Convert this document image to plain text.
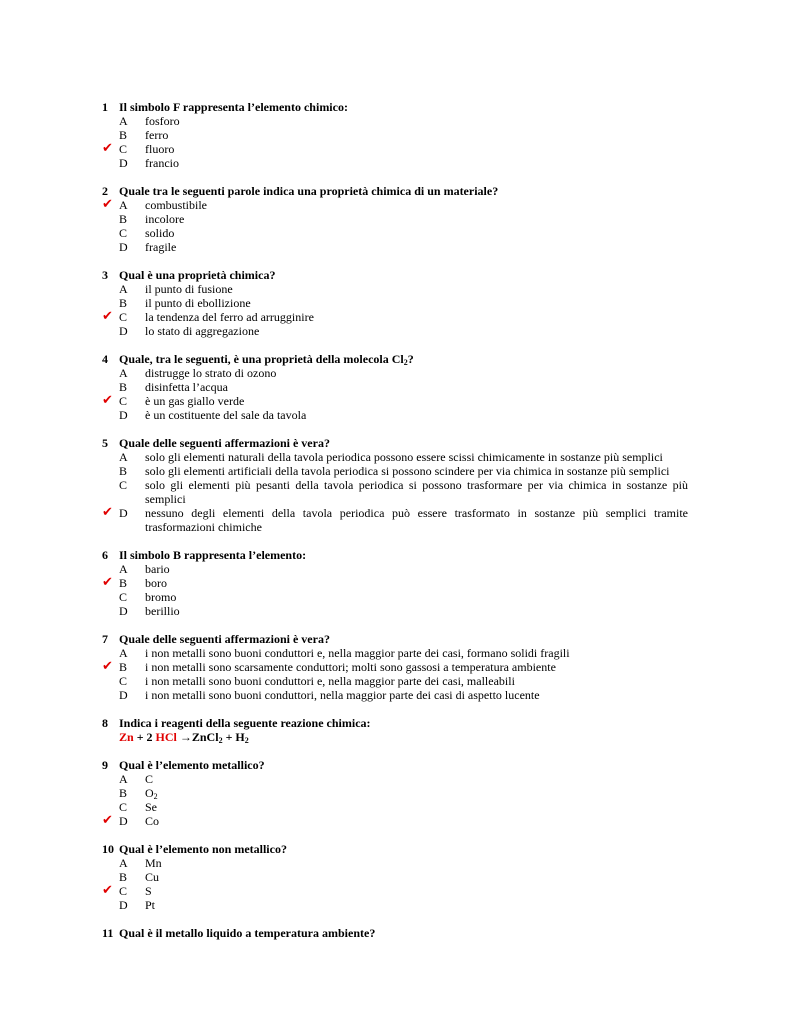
1 Il simbolo F rappresenta l’elemento chimico:
A fosforo
B ferro
✔ C fluoro
D francio
2 Quale tra le seguenti parole indica una proprietà chimica di un materiale?
✔ A combustibile
B incolore
C solido
D fragile
3 Qual è una proprietà chimica?
A il punto di fusione
B il punto di ebollizione
✔ C la tendenza del ferro ad arrugginire
D lo stato di aggregazione
4 Quale, tra le seguenti, è una proprietà della molecola $Cl_2$?
A distrugge lo strato di ozono
B disinfetta l’acqua
✔ C è un gas giallo verde
D è un costituente del sale da tavola
5 Quale delle seguenti affermazioni è vera?
A solo gli elementi naturali della tavola periodica possono essere scissi chimicamente in sostanze più semplici
B solo gli elementi artificiali della tavola periodica si possono scindere per via chimica in sostanze più semplici
C solo gli elementi più pesanti della tavola periodica si possono trasformare per via chimica in sostanze più semplici
✔ D nessuno degli elementi della tavola periodica può essere trasformato in sostanze più semplici tramite trasformazioni chimiche
6 Il simbolo B rappresenta l’elemento:
A bario
✔ B boro
C bromo
D berillio
7 Quale delle seguenti affermazioni è vera?
A i non metalli sono buoni conduttori e, nella maggior parte dei casi, formano solidi fragili
✔ B i non metalli sono scarsamente conduttori; molti sono gassosi a temperatura ambiente
C i non metalli sono buoni conduttori e, nella maggior parte dei casi, malleabili
D i non metalli sono buoni conduttori, nella maggior parte dei casi di aspetto lucente
8 Indica i reagenti della seguente reazione chimica:
Zn + 2 HCl →ZnCl$_2$ + $H_2$
9 Qual è l’elemento metallico?
A C
B $O_2$
C Se
✔ D Co
10 Qual è l’elemento non metallico?
A Mn
B Cu
✔ C S
D Pt
11 Qual è il metallo liquido a temperatura ambiente?
